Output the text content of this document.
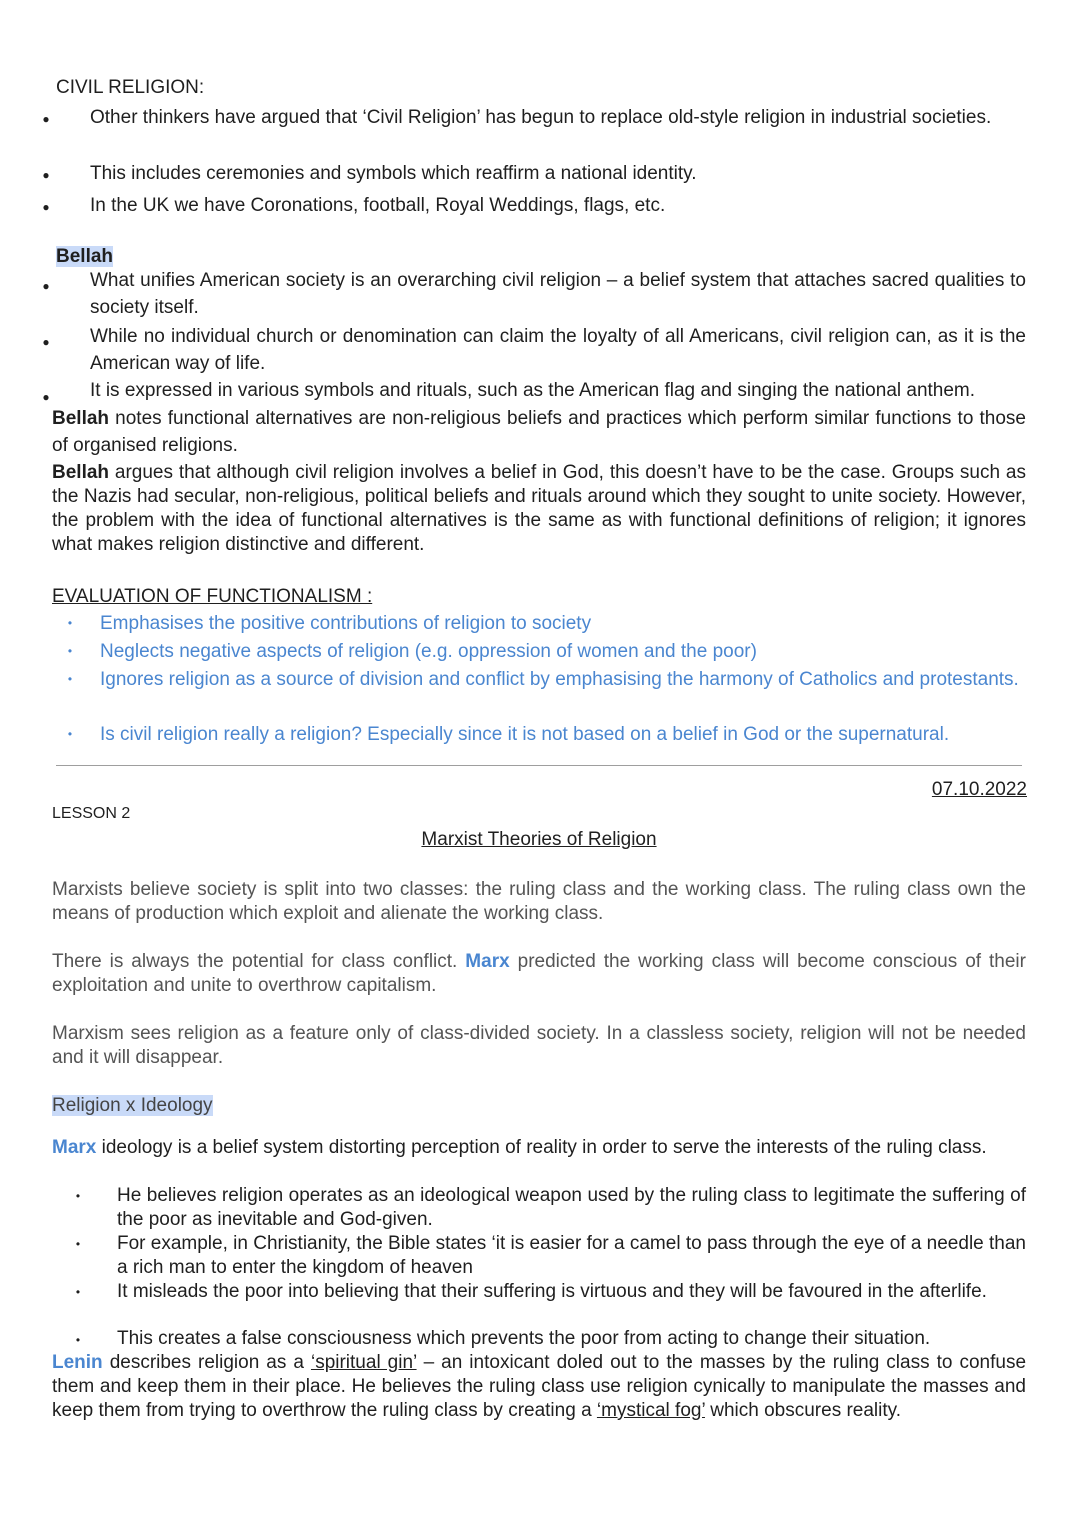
CIVIL RELIGION:
●	Other thinkers have argued that ‘Civil Religion’ has begun to replace old-style religion in industrial societies.
●	This includes ceremonies and symbols which reaffirm a national identity.
●	In the UK we have Coronations, football, Royal Weddings, flags, etc.
Bellah
●	What unifies American society is an overarching civil religion – a belief system that attaches sacred qualities to society itself.
●	While no individual church or denomination can claim the loyalty of all Americans, civil religion can, as it is the American way of life.
●	It is expressed in various symbols and rituals, such as the American flag and singing the national anthem.
Bellah notes functional alternatives are non-religious beliefs and practices which perform similar functions to those of organised religions.
Bellah argues that although civil religion involves a belief in God, this doesn’t have to be the case. Groups such as the Nazis had secular, non-religious, political beliefs and rituals around which they sought to unite society. However, the problem with the idea of functional alternatives is the same as with functional definitions of religion; it ignores what makes religion distinctive and different.
EVALUATION OF FUNCTIONALISM :
•	Emphasises the positive contributions of religion to society
•	Neglects negative aspects of religion (e.g. oppression of women and the poor)
•	Ignores religion as a source of division and conflict by emphasising the harmony of Catholics and protestants.
•	Is civil religion really a religion? Especially since it is not based on a belief in God or the supernatural.
07.10.2022
LESSON 2
Marxist Theories of Religion
Marxists believe society is split into two classes: the ruling class and the working class. The ruling class own the means of production which exploit and alienate the working class.
There is always the potential for class conflict. Marx predicted the working class will become conscious of their exploitation and unite to overthrow capitalism.
Marxism sees religion as a feature only of class-divided society. In a classless society, religion will not be needed and it will disappear.
Religion x Ideology
Marx ideology is a belief system distorting perception of reality in order to serve the interests of the ruling class.
•	He believes religion operates as an ideological weapon used by the ruling class to legitimate the suffering of the poor as inevitable and God-given.
•	For example, in Christianity, the Bible states ‘it is easier for a camel to pass through the eye of a needle than a rich man to enter the kingdom of heaven
•	It misleads the poor into believing that their suffering is virtuous and they will be favoured in the afterlife.
•	This creates a false consciousness which prevents the poor from acting to change their situation.
Lenin describes religion as a ‘spiritual gin’ – an intoxicant doled out to the masses by the ruling class to confuse them and keep them in their place. He believes the ruling class use religion cynically to manipulate the masses and keep them from trying to overthrow the ruling class by creating a ‘mystical fog’ which obscures reality.
